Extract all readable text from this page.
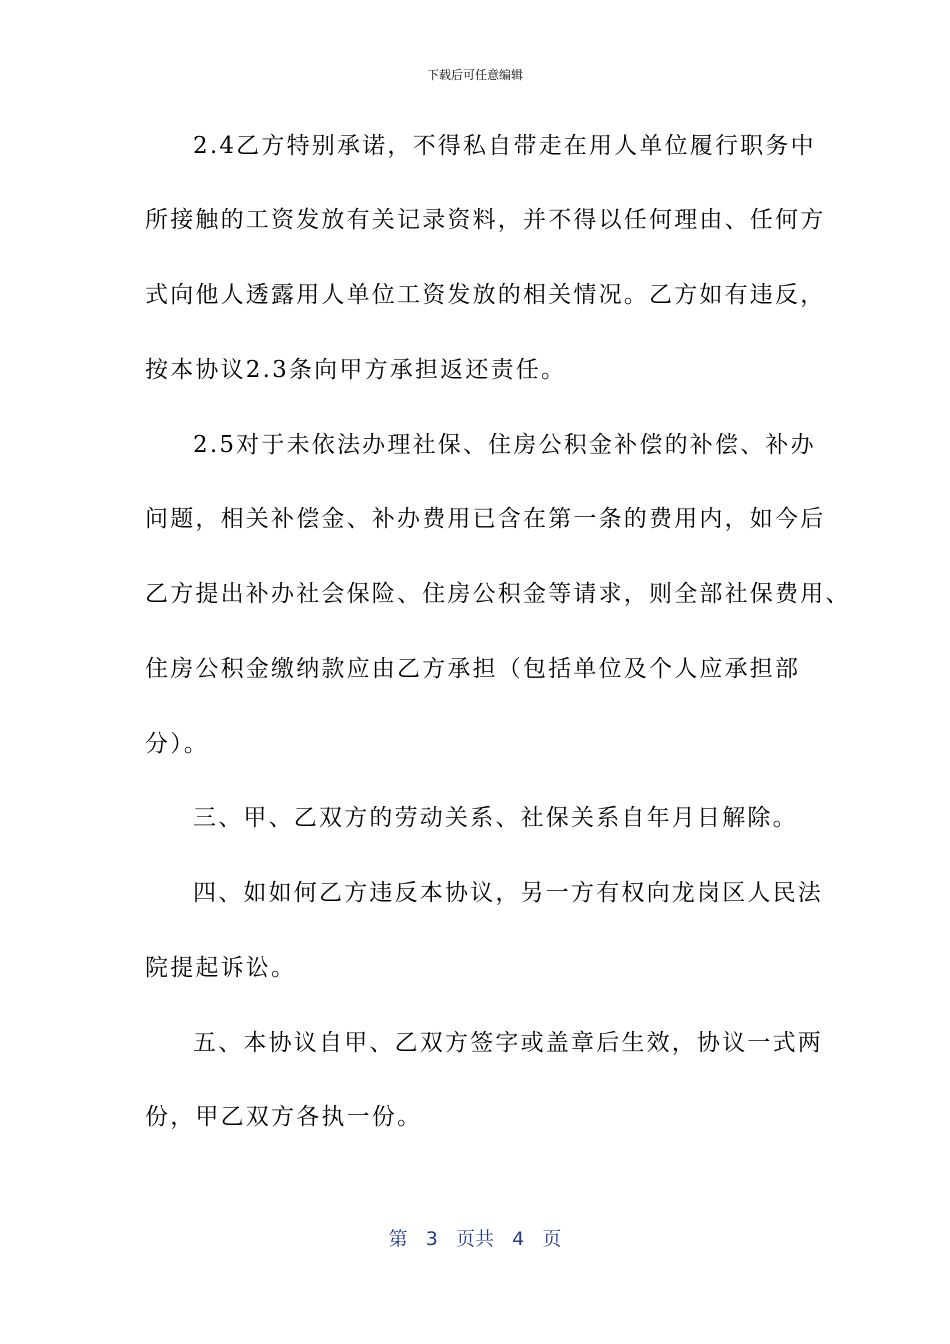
下载后可任意编辑
2.4乙方特别承诺，不得私自带走在用人单位履行职务中
所接触的工资发放有关记录资料，并不得以任何理由、任何方
式向他人透露用人单位工资发放的相关情况。乙方如有违反，
按本协议2.3条向甲方承担返还责任。
2.5对于未依法办理社保、住房公积金补偿的补偿、补办
问题，相关补偿金、补办费用已含在第一条的费用内，如今后
乙方提出补办社会保险、住房公积金等请求，则全部社保费用、
住房公积金缴纳款应由乙方承担（包括单位及个人应承担部
分）。
三、甲、乙双方的劳动关系、社保关系自年月日解除。
四、如如何乙方违反本协议，另一方有权向龙岗区人民法
院提起诉讼。
五、本协议自甲、乙双方签字或盖章后生效，协议一式两
份，甲乙双方各执一份。
第 3 页共 4 页
